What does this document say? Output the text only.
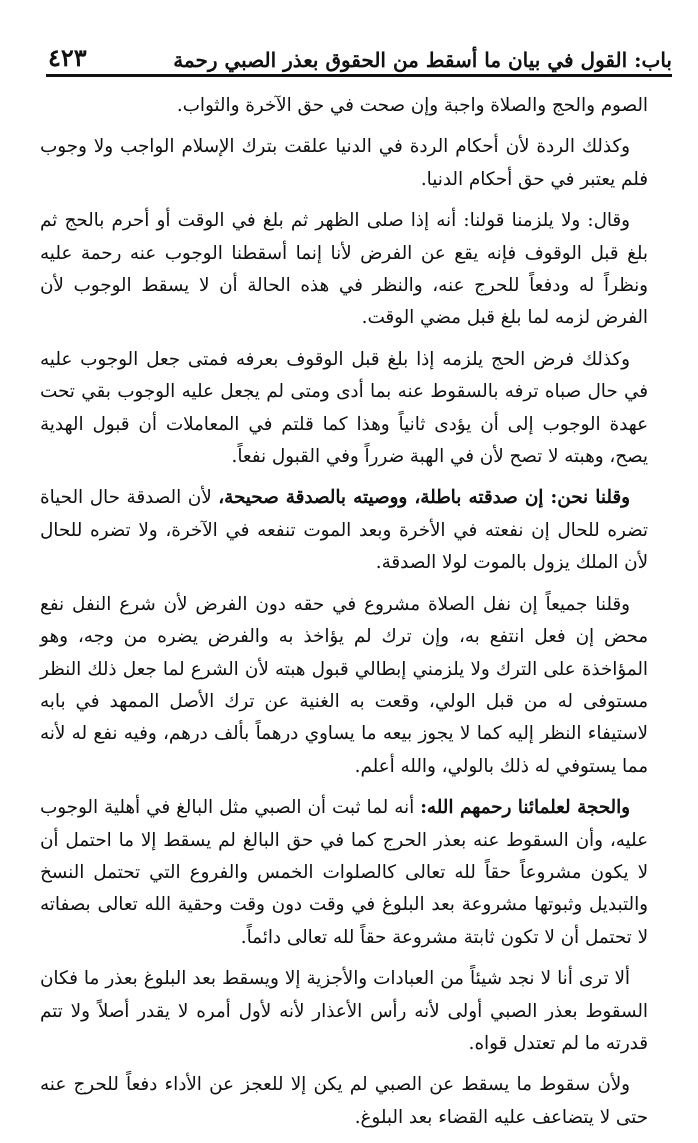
باب: القول في بيان ما أسقط من الحقوق بعذر الصبي رحمة
٤٢٣

الصوم والحج والصلاة واجبة وإن صحت في حق الآخرة والثواب.

وكذلك الردة لأن أحكام الردة في الدنيا علقت بترك الإسلام الواجب ولا وجوب فلم يعتبر في حق أحكام الدنيا.

وقال: ولا يلزمنا قولنا: أنه إذا صلى الظهر ثم بلغ في الوقت أو أحرم بالحج ثم بلغ قبل الوقوف فإنه يقع عن الفرض لأنا إنما أسقطنا الوجوب عنه رحمة عليه ونظراً له ودفعاً للحرج عنه، والنظر في هذه الحالة أن لا يسقط الوجوب لأن الفرض لزمه لما بلغ قبل مضي الوقت.

وكذلك فرض الحج يلزمه إذا بلغ قبل الوقوف بعرفه فمتى جعل الوجوب عليه في حال صباه ترفه بالسقوط عنه بما أدى ومتى لم يجعل عليه الوجوب بقي تحت عهدة الوجوب إلى أن يؤدى ثانياً وهذا كما قلتم في المعاملات أن قبول الهدية يصح، وهبته لا تصح لأن في الهبة ضرراً وفي القبول نفعاً.

وقلنا نحن: إن صدقته باطلة، ووصيته بالصدقة صحيحة، لأن الصدقة حال الحياة تضره للحال إن نفعته في الأخرة وبعد الموت تنفعه في الآخرة، ولا تضره للحال لأن الملك يزول بالموت لولا الصدقة.

وقلنا جميعاً إن نفل الصلاة مشروع في حقه دون الفرض لأن شرع النفل نفع محض إن فعل انتفع به، وإن ترك لم يؤاخذ به والفرض يضره من وجه، وهو المؤاخذة على الترك ولا يلزمني إبطالي قبول هبته لأن الشرع لما جعل ذلك النظر مستوفى له من قبل الولي، وقعت به الغنية عن ترك الأصل الممهد في بابه لاستيفاء النظر إليه كما لا يجوز بيعه ما يساوي درهماً بألف درهم، وفيه نفع له لأنه مما يستوفي له ذلك بالولي، والله أعلم.

والحجة لعلمائنا رحمهم الله: أنه لما ثبت أن الصبي مثل البالغ في أهلية الوجوب عليه، وأن السقوط عنه بعذر الحرج كما في حق البالغ لم يسقط إلا ما احتمل أن لا يكون مشروعاً حقاً لله تعالى كالصلوات الخمس والفروع التي تحتمل النسخ والتبديل وثبوتها مشروعة بعد البلوغ في وقت دون وقت وحقية الله تعالى بصفاته لا تحتمل أن لا تكون ثابتة مشروعة حقاً لله تعالى دائماً.

ألا ترى أنا لا نجد شيئاً من العبادات والأجزية إلا ويسقط بعد البلوغ بعذر ما فكان السقوط بعذر الصبي أولى لأنه رأس الأعذار لأنه لأول أمره لا يقدر أصلاً ولا تتم قدرته ما لم تعتدل قواه.

ولأن سقوط ما يسقط عن الصبي لم يكن إلا للعجز عن الأداء دفعاً للحرج عنه حتى لا يتضاعف عليه القضاء بعد البلوغ.
